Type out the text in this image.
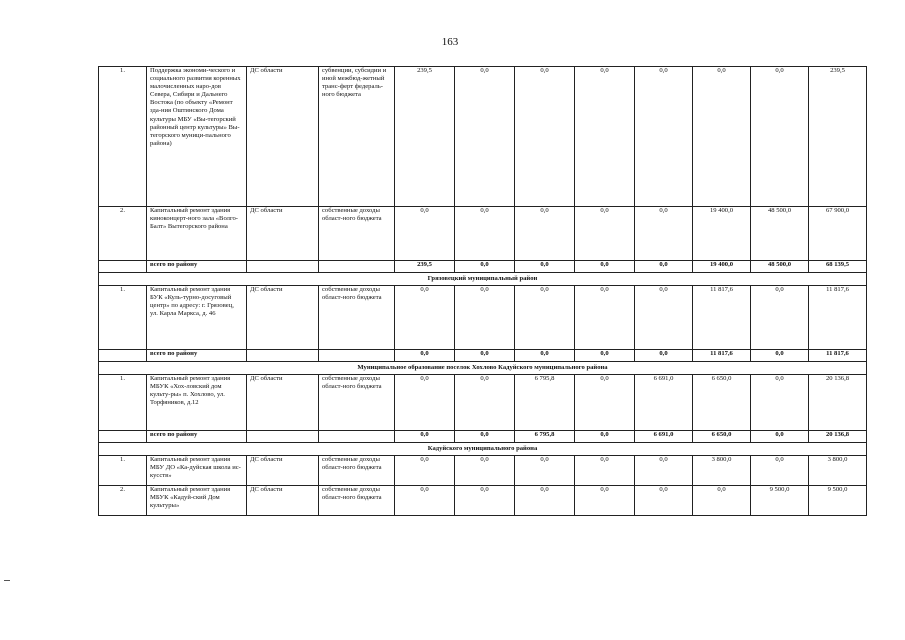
163
1.	Поддержка экономи-ческого и социального развития коренных малочисленных наро-дов Севера, Сибири и Дальнего Востока (по объекту «Ремонт зда-ния Оштинского Дома культуры МБУ «Вы-тегорский районный центр культуры» Вы-тегорского муници-пального района)	ДС области	субвенции, субсидии и иной межбюд-жетный транс-ферт федераль-ного бюджета	239,5	0,0	0,0	0,0	0,0	0,0	0,0	239,5
2.	Капитальный ремонт здания киноконцерт-ного зала «Волго-Балт» Вытегорского района	ДС области	собственные доходы област-ного бюджета	0,0	0,0	0,0	0,0	0,0	19 400,0	48 500,0	67 900,0
	всего по району			239,5	0,0	0,0	0,0	0,0	19 400,0	48 500,0	68 139,5
Грязовецкий муниципальный район											
1.	Капитальный ремонт здания БУК «Куль-турно-досуговый центр» по адресу: г. Грязовец, ул. Карла Маркса, д. 46	ДС области	собственные доходы област-ного бюджета	0,0	0,0	0,0	0,0	0,0	11 817,6	0,0	11 817,6
	всего по району			0,0	0,0	0,0	0,0	0,0	11 817,6	0,0	11 817,6
Муниципальное образование поселок Хохлово Кадуйского муниципального района											
1.	Капитальный ремонт здания МБУК «Хох-ловский дом культу-ры» п. Хохлово, ул. Торфяников, д.12	ДС области	собственные доходы област-ного бюджета	0,0	0,0	6 795,8	0,0	6 691,0	6 650,0	0,0	20 136,8
	всего по району			0,0	0,0	6 795,8	0,0	6 691,0	6 650,0	0,0	20 136,8
Кадуйского муниципального района											
1.	Капитальный ремонт здания МБУ ДО «Ка-дуйская школа ис-кусств»	ДС области	собственные доходы област-ного бюджета	0,0	0,0	0,0	0,0	0,0	3 800,0	0,0	3 800,0
2.	Капитальный ремонт здания МБУК «Кадуй-ский Дом культуры»	ДС области	собственные доходы област-ного бюджета	0,0	0,0	0,0	0,0	0,0	0,0	9 500,0	9 500,0
